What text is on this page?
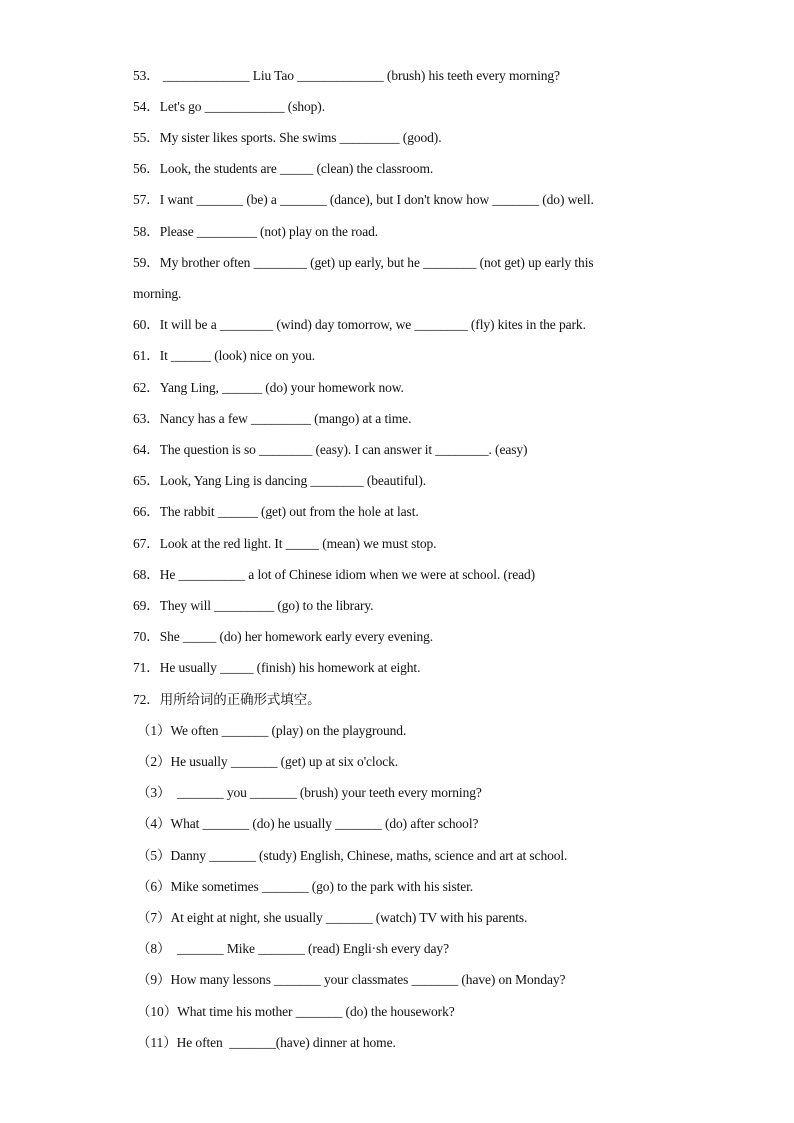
53． _____________ Liu Tao _____________ (brush) his teeth every morning?
54．Let's go ____________ (shop).
55．My sister likes sports. She swims _________ (good).
56．Look, the students are _____ (clean) the classroom.
57．I want _______ (be) a _______ (dance), but I don't know how _______ (do) well.
58．Please _________ (not) play on the road.
59．My brother often ________ (get) up early, but he ________ (not get) up early this
morning.
60．It will be a ________ (wind) day tomorrow, we ________ (fly) kites in the park.
61．It ______ (look) nice on you.
62．Yang Ling, ______ (do) your homework now.
63．Nancy has a few _________ (mango) at a time.
64．The question is so ________ (easy). I can answer it ________. (easy)
65．Look, Yang Ling is dancing ________ (beautiful).
66．The rabbit ______ (get) out from the hole at last.
67．Look at the red light. It _____ (mean) we must stop.
68．He __________ a lot of Chinese idiom when we were at school. (read)
69．They will _________ (go) to the library.
70．She _____ (do) her homework early every evening.
71．He usually _____ (finish) his homework at eight.
72．用所给词的正确形式填空。
（1）We often _______ (play) on the playground.
（2）He usually _______ (get) up at six o'clock.
（3）  _______ you _______ (brush) your teeth every morning?
（4）What _______ (do) he usually _______ (do) after school?
（5）Danny _______ (study) English, Chinese, maths, science and art at school.
（6）Mike sometimes _______ (go) to the park with his sister.
（7）At eight at night, she usually _______ (watch) TV with his parents.
（8）  _______ Mike _______ (read) Engli·sh every day?
（9）How many lessons _______ your classmates _______ (have) on Monday?
（10）What time his mother _______ (do) the housework?
（11）He often  _______(have) dinner at home.
